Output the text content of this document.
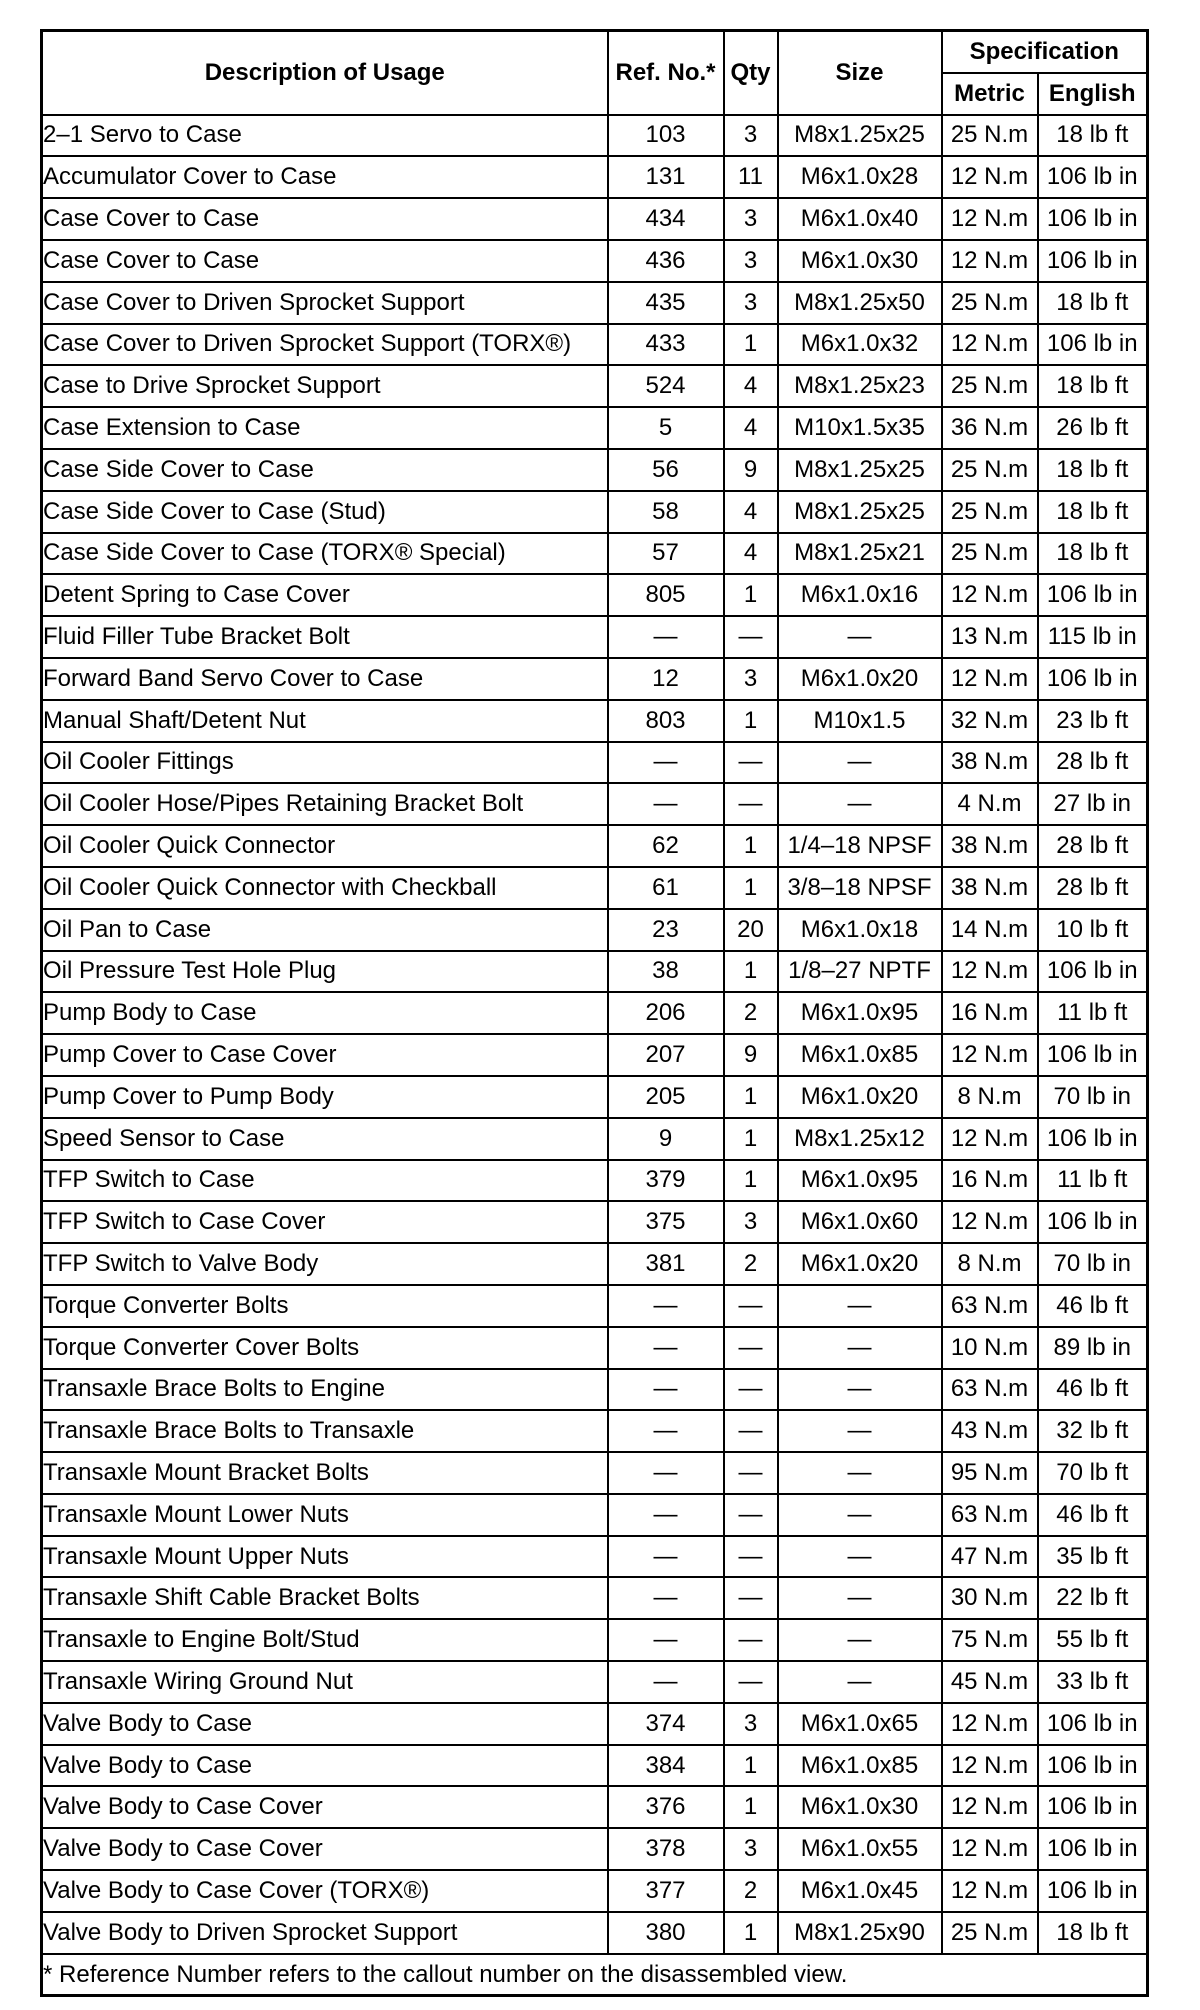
Description of Usage	Ref. No.*	Qty	Size	Specification	
				Metric	English
2–1 Servo to Case	103	3	M8x1.25x25	25 N.m	18 lb ft
Accumulator Cover to Case	131	11	M6x1.0x28	12 N.m	106 lb in
Case Cover to Case	434	3	M6x1.0x40	12 N.m	106 lb in
Case Cover to Case	436	3	M6x1.0x30	12 N.m	106 lb in
Case Cover to Driven Sprocket Support	435	3	M8x1.25x50	25 N.m	18 lb ft
Case Cover to Driven Sprocket Support (TORX®)	433	1	M6x1.0x32	12 N.m	106 lb in
Case to Drive Sprocket Support	524	4	M8x1.25x23	25 N.m	18 lb ft
Case Extension to Case	5	4	M10x1.5x35	36 N.m	26 lb ft
Case Side Cover to Case	56	9	M8x1.25x25	25 N.m	18 lb ft
Case Side Cover to Case (Stud)	58	4	M8x1.25x25	25 N.m	18 lb ft
Case Side Cover to Case (TORX® Special)	57	4	M8x1.25x21	25 N.m	18 lb ft
Detent Spring to Case Cover	805	1	M6x1.0x16	12 N.m	106 lb in
Fluid Filler Tube Bracket Bolt	—	—	—	13 N.m	115 lb in
Forward Band Servo Cover to Case	12	3	M6x1.0x20	12 N.m	106 lb in
Manual Shaft/Detent Nut	803	1	M10x1.5	32 N.m	23 lb ft
Oil Cooler Fittings	—	—	—	38 N.m	28 lb ft
Oil Cooler Hose/Pipes Retaining Bracket Bolt	—	—	—	4 N.m	27 lb in
Oil Cooler Quick Connector	62	1	1/4–18 NPSF	38 N.m	28 lb ft
Oil Cooler Quick Connector with Checkball	61	1	3/8–18 NPSF	38 N.m	28 lb ft
Oil Pan to Case	23	20	M6x1.0x18	14 N.m	10 lb ft
Oil Pressure Test Hole Plug	38	1	1/8–27 NPTF	12 N.m	106 lb in
Pump Body to Case	206	2	M6x1.0x95	16 N.m	11 lb ft
Pump Cover to Case Cover	207	9	M6x1.0x85	12 N.m	106 lb in
Pump Cover to Pump Body	205	1	M6x1.0x20	8 N.m	70 lb in
Speed Sensor to Case	9	1	M8x1.25x12	12 N.m	106 lb in
TFP Switch to Case	379	1	M6x1.0x95	16 N.m	11 lb ft
TFP Switch to Case Cover	375	3	M6x1.0x60	12 N.m	106 lb in
TFP Switch to Valve Body	381	2	M6x1.0x20	8 N.m	70 lb in
Torque Converter Bolts	—	—	—	63 N.m	46 lb ft
Torque Converter Cover Bolts	—	—	—	10 N.m	89 lb in
Transaxle Brace Bolts to Engine	—	—	—	63 N.m	46 lb ft
Transaxle Brace Bolts to Transaxle	—	—	—	43 N.m	32 lb ft
Transaxle Mount Bracket Bolts	—	—	—	95 N.m	70 lb ft
Transaxle Mount Lower Nuts	—	—	—	63 N.m	46 lb ft
Transaxle Mount Upper Nuts	—	—	—	47 N.m	35 lb ft
Transaxle Shift Cable Bracket Bolts	—	—	—	30 N.m	22 lb ft
Transaxle to Engine Bolt/Stud	—	—	—	75 N.m	55 lb ft
Transaxle Wiring Ground Nut	—	—	—	45 N.m	33 lb ft
Valve Body to Case	374	3	M6x1.0x65	12 N.m	106 lb in
Valve Body to Case	384	1	M6x1.0x85	12 N.m	106 lb in
Valve Body to Case Cover	376	1	M6x1.0x30	12 N.m	106 lb in
Valve Body to Case Cover	378	3	M6x1.0x55	12 N.m	106 lb in
Valve Body to Case Cover (TORX®)	377	2	M6x1.0x45	12 N.m	106 lb in
Valve Body to Driven Sprocket Support	380	1	M8x1.25x90	25 N.m	18 lb ft
* Reference Number refers to the callout number on the disassembled view.					
